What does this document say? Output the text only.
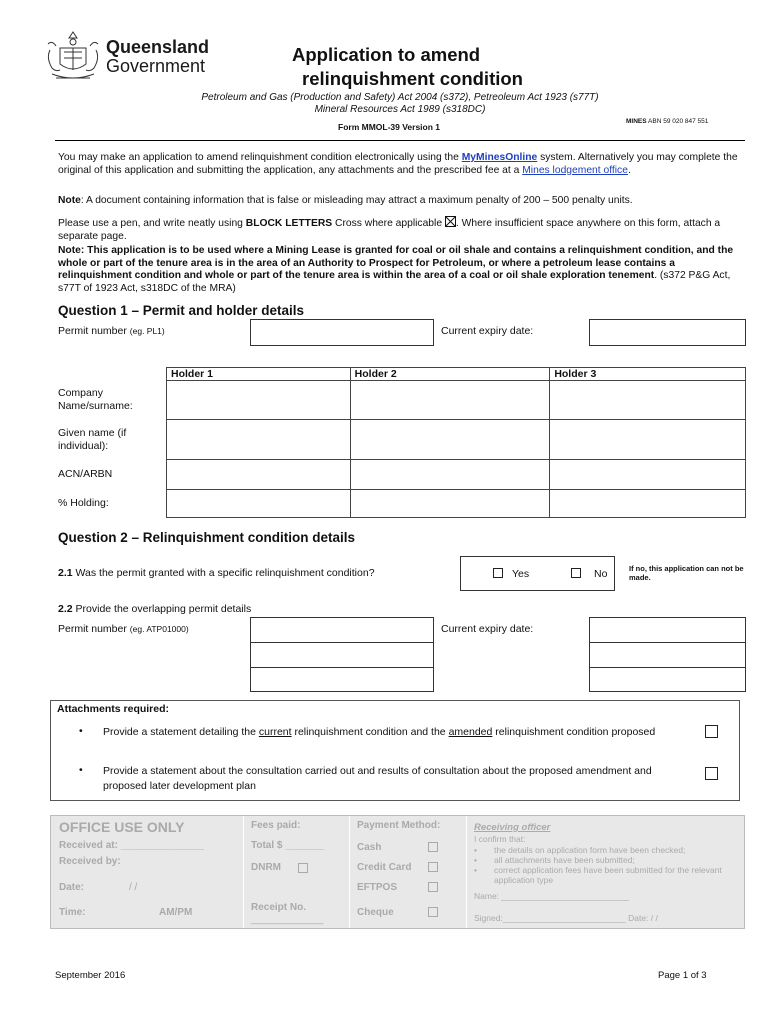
Queensland
Government
Application to amend
relinquishment condition
Petroleum and Gas (Production and Safety) Act 2004 (s372), Petreoleum Act 1923 (s77T)
Mineral Resources Act 1989 (s318DC)
Form MMOL-39 Version 1
MINES ABN 59 020 847 551
You may make an application to amend relinquishment condition electronically using the MyMinesOnline system. Alternatively you may complete the original of this application and submitting the application, any attachments and the prescribed fee at a Mines lodgement office.
Note: A document containing information that is false or misleading may attract a maximum penalty of 200 – 500 penalty units.
Please use a pen, and write neatly using BLOCK LETTERS Cross where applicable ☒. Where insufficient space anywhere on this form, attach a separate page.
Note: This application is to be used where a Mining Lease is granted for coal or oil shale and contains a relinquishment condition, and the whole or part of the tenure area is in the area of an Authority to Prospect for Petroleum, or where a petroleum lease contains a relinquishment condition and whole or part of the tenure area is within the area of a coal or oil shale exploration tenement. (s372 P&G Act, s77T of 1923 Act, s318DC of the MRA)
Question 1 – Permit and holder details
Permit number (eg. PL1)	Current expiry date:
Holder 1	Holder 2	Holder 3

Company Name/surname:
Given name (if individual):
ACN/ARBN
% Holding:
Question 2 – Relinquishment condition details
2.1 Was the permit granted with a specific relinquishment condition?	Yes	No	If no, this application can not be made.
2.2 Provide the overlapping permit details
Permit number (eg. ATP01000)	Current expiry date:
Attachments required:
• Provide a statement detailing the current relinquishment condition and the amended relinquishment condition proposed
• Provide a statement about the consultation carried out and results of consultation about the proposed amendment and proposed later development plan
OFFICE USE ONLY
Received at: _______________
Received by:
Date:	/ /
Time:	AM/PM
Fees paid:
Total $ _______
DNRM
Receipt No.
_____________
Payment Method:
Cash
Credit Card
EFTPOS
Cheque
Receiving officer
I confirm that:
•	the details on application form have been checked;
•	all attachments have been submitted;
•	correct application fees have been submitted for the relevant application type
Name: ___________________________
Signed:__________________________ Date: / /
September 2016	Page 1 of 3
